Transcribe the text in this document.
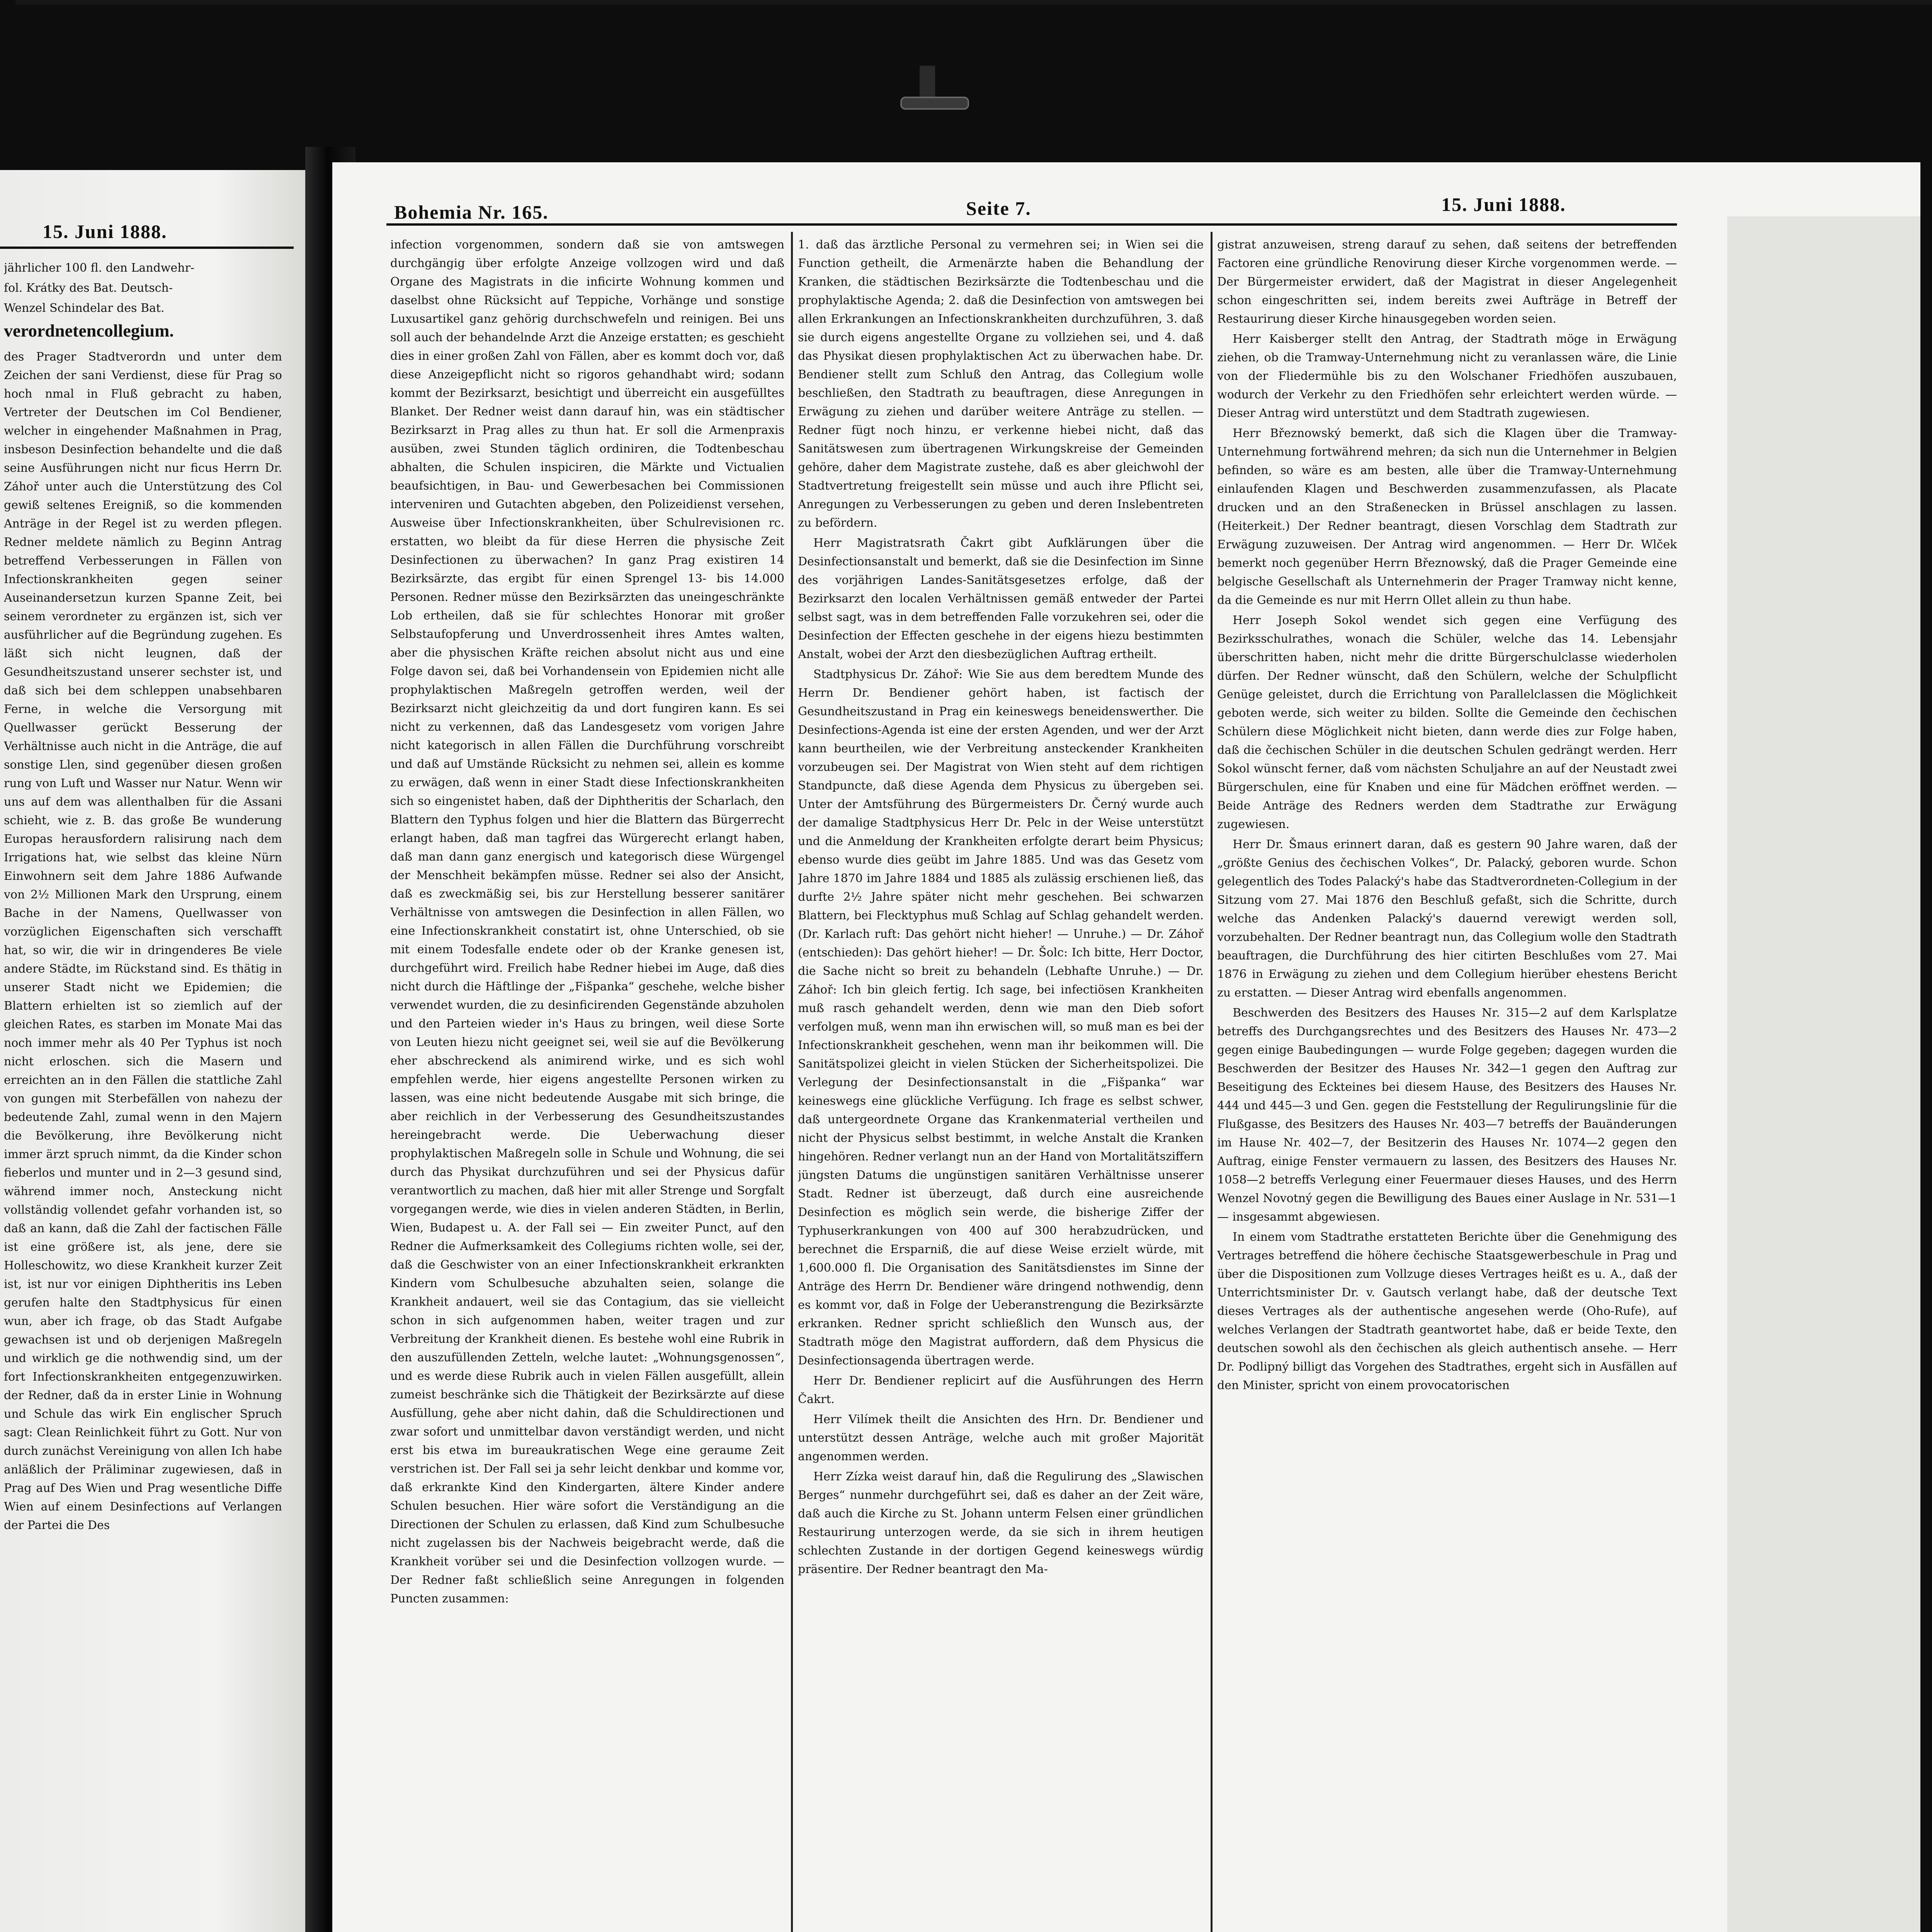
15. Juni 1888.

jährlicher 100 fl. den Landwehr-

fol. Krátky des Bat. Deutsch-

Wenzel Schindelar des Bat.

verordnetencollegium.

des Prager Stadtverordn und unter dem Zeichen der sani Verdienst, diese für Prag so hoch nmal in Fluß gebracht zu haben, Vertreter der Deutschen im Col Bendiener, welcher in eingehender Maßnahmen in Prag, insbeson Desinfection behandelte und die daß seine Ausführungen nicht nur ficus Herrn Dr. Záhoř unter auch die Unterstützung des Col gewiß seltenes Ereigniß, so die kommenden Anträge in der Regel ist zu werden pflegen. Redner meldete nämlich zu Beginn Antrag betreffend Verbesserungen in Fällen von Infectionskrankheiten gegen seiner Auseinandersetzun kurzen Spanne Zeit, bei seinem verordneter zu ergänzen ist, sich ver ausführlicher auf die Begründung zugehen. Es läßt sich nicht leugnen, daß der Gesundheitszustand unserer sechster ist, und daß sich bei dem schleppen unabsehbaren Ferne, in welche die Versorgung mit Quellwasser gerückt Besserung der Verhältnisse auch nicht in die Anträge, die auf sonstige Llen, sind gegenüber diesen großen rung von Luft und Wasser nur Natur. Wenn wir uns auf dem was allenthalben für die Assani schieht, wie z. B. das große Be wunderung Europas herausfordern ralisirung nach dem Irrigations hat, wie selbst das kleine Nürn Einwohnern seit dem Jahre 1886 Aufwande von 2½ Millionen Mark den Ursprung, einem Bache in der Namens, Quellwasser von vorzüglichen Eigenschaften sich verschafft hat, so wir, die wir in dringenderes Be viele andere Städte, im Rückstand sind. Es thätig in unserer Stadt nicht we Epidemien; die Blattern erhielten ist so ziemlich auf der gleichen Rates, es starben im Monate Mai das noch immer mehr als 40 Per Typhus ist noch nicht erloschen. sich die Masern und erreichten an in den Fällen die stattliche Zahl von gungen mit Sterbefällen von nahezu der bedeutende Zahl, zumal wenn in den Majern die Bevölkerung, ihre Bevölkerung nicht immer ärzt spruch nimmt, da die Kinder schon fieberlos und munter und in 2—3 gesund sind, während immer noch, Ansteckung nicht vollständig vollendet gefahr vorhanden ist, so daß an kann, daß die Zahl der factischen Fälle ist eine größere ist, als jene, dere sie Holleschowitz, wo diese Krankheit kurzer Zeit ist, ist nur vor einigen Diphtheritis ins Leben gerufen halte den Stadtphysicus für einen wun, aber ich frage, ob das Stadt Aufgabe gewachsen ist und ob derjenigen Maßregeln und wirklich ge die nothwendig sind, um der fort Infectionskrankheiten entgegenzuwirken. der Redner, daß da in erster Linie in Wohnung und Schule das wirk Ein englischer Spruch sagt: Clean Reinlichkeit führt zu Gott. Nur von durch zunächst Vereinigung von allen Ich habe anläßlich der Präliminar zugewiesen, daß in Prag auf Des Wien und Prag wesentliche Diffe Wien auf einem Desinfections auf Verlangen der Partei die Des

Bohemia Nr. 165.	Seite 7.	15. Juni 1888.

infection vorgenommen, sondern daß sie von amtswegen durchgängig über erfolgte Anzeige vollzogen wird und daß Organe des Magistrats in die inficirte Wohnung kommen und daselbst ohne Rücksicht auf Teppiche, Vorhänge und sonstige Luxusartikel ganz gehörig durchschwefeln und reinigen. Bei uns soll auch der behandelnde Arzt die Anzeige erstatten; es geschieht dies in einer großen Zahl von Fällen, aber es kommt doch vor, daß diese Anzeigepflicht nicht so rigoros gehandhabt wird; sodann kommt der Bezirksarzt, besichtigt und überreicht ein ausgefülltes Blanket. Der Redner weist dann darauf hin, was ein städtischer Bezirksarzt in Prag alles zu thun hat. Er soll die Armenpraxis ausüben, zwei Stunden täglich ordiniren, die Todtenbeschau abhalten, die Schulen inspiciren, die Märkte und Victualien beaufsichtigen, in Bau- und Gewerbesachen bei Commissionen interveniren und Gutachten abgeben, den Polizeidienst versehen, Ausweise über Infectionskrankheiten, über Schulrevisionen rc. erstatten, wo bleibt da für diese Herren die physische Zeit Desinfectionen zu überwachen? In ganz Prag existiren 14 Bezirksärzte, das ergibt für einen Sprengel 13- bis 14.000 Personen. Redner müsse den Bezirksärzten das uneingeschränkte Lob ertheilen, daß sie für schlechtes Honorar mit großer Selbstaufopferung und Unverdrossenheit ihres Amtes walten, aber die physischen Kräfte reichen absolut nicht aus und eine Folge davon sei, daß bei Vorhandensein von Epidemien nicht alle prophylaktischen Maßregeln getroffen werden, weil der Bezirksarzt nicht gleichzeitig da und dort fungiren kann. Es sei nicht zu verkennen, daß das Landesgesetz vom vorigen Jahre nicht kategorisch in allen Fällen die Durchführung vorschreibt und daß auf Umstände Rücksicht zu nehmen sei, allein es komme zu erwägen, daß wenn in einer Stadt diese Infectionskrankheiten sich so eingenistet haben, daß der Diphtheritis der Scharlach, den Blattern den Typhus folgen und hier die Blattern das Bürgerrecht erlangt haben, daß man tagfrei das Würgerecht erlangt haben, daß man dann ganz energisch und kategorisch diese Würgengel der Menschheit bekämpfen müsse. Redner sei also der Ansicht, daß es zweckmäßig sei, bis zur Herstellung besserer sanitärer Verhältnisse von amtswegen die Desinfection in allen Fällen, wo eine Infectionskrankheit constatirt ist, ohne Unterschied, ob sie mit einem Todesfalle endete oder ob der Kranke genesen ist, durchgeführt wird. Freilich habe Redner hiebei im Auge, daß dies nicht durch die Häftlinge der „Fišpanka“ geschehe, welche bisher verwendet wurden, die zu desinficirenden Gegenstände abzuholen und den Parteien wieder in's Haus zu bringen, weil diese Sorte von Leuten hiezu nicht geeignet sei, weil sie auf die Bevölkerung eher abschreckend als animirend wirke, und es sich wohl empfehlen werde, hier eigens angestellte Personen wirken zu lassen, was eine nicht bedeutende Ausgabe mit sich bringe, die aber reichlich in der Verbesserung des Gesundheitszustandes hereingebracht werde. Die Ueberwachung dieser prophylaktischen Maßregeln solle in Schule und Wohnung, die sei durch das Physikat durchzuführen und sei der Physicus dafür verantwortlich zu machen, daß hier mit aller Strenge und Sorgfalt vorgegangen werde, wie dies in vielen anderen Städten, in Berlin, Wien, Budapest u. A. der Fall sei — Ein zweiter Punct, auf den Redner die Aufmerksamkeit des Collegiums richten wolle, sei der, daß die Geschwister von an einer Infectionskrankheit erkrankten Kindern vom Schulbesuche abzuhalten seien, solange die Krankheit andauert, weil sie das Contagium, das sie vielleicht schon in sich aufgenommen haben, weiter tragen und zur Verbreitung der Krankheit dienen. Es bestehe wohl eine Rubrik in den auszufüllenden Zetteln, welche lautet: „Wohnungsgenossen“, und es werde diese Rubrik auch in vielen Fällen ausgefüllt, allein zumeist beschränke sich die Thätigkeit der Bezirksärzte auf diese Ausfüllung, gehe aber nicht dahin, daß die Schuldirectionen und zwar sofort und unmittelbar davon verständigt werden, und nicht erst bis etwa im bureaukratischen Wege eine geraume Zeit verstrichen ist. Der Fall sei ja sehr leicht denkbar und komme vor, daß erkrankte Kind den Kindergarten, ältere Kinder andere Schulen besuchen. Hier wäre sofort die Verständigung an die Directionen der Schulen zu erlassen, daß Kind zum Schulbesuche nicht zugelassen bis der Nachweis beigebracht werde, daß die Krankheit vorüber sei und die Desinfection vollzogen wurde. — Der Redner faßt schließlich seine Anregungen in folgenden Puncten zusammen:

1. daß das ärztliche Personal zu vermehren sei; in Wien sei die Function getheilt, die Armenärzte haben die Behandlung der Kranken, die städtischen Bezirksärzte die Todtenbeschau und die prophylaktische Agenda; 2. daß die Desinfection von amtswegen bei allen Erkrankungen an Infectionskrankheiten durchzuführen, 3. daß sie durch eigens angestellte Organe zu vollziehen sei, und 4. daß das Physikat diesen prophylaktischen Act zu überwachen habe. Dr. Bendiener stellt zum Schluß den Antrag, das Collegium wolle beschließen, den Stadtrath zu beauftragen, diese Anregungen in Erwägung zu ziehen und darüber weitere Anträge zu stellen. — Redner fügt noch hinzu, er verkenne hiebei nicht, daß das Sanitätswesen zum übertragenen Wirkungskreise der Gemeinden gehöre, daher dem Magistrate zustehe, daß es aber gleichwohl der Stadtvertretung freigestellt sein müsse und auch ihre Pflicht sei, Anregungen zu Verbesserungen zu geben und deren Inslebentreten zu befördern.

Herr Magistratsrath Čakrt gibt Aufklärungen über die Desinfectionsanstalt und bemerkt, daß sie die Desinfection im Sinne des vorjährigen Landes-Sanitätsgesetzes erfolge, daß der Bezirksarzt den localen Verhältnissen gemäß entweder der Partei selbst sagt, was in dem betreffenden Falle vorzukehren sei, oder die Desinfection der Effecten geschehe in der eigens hiezu bestimmten Anstalt, wobei der Arzt den diesbezüglichen Auftrag ertheilt.

Stadtphysicus Dr. Záhoř: Wie Sie aus dem beredtem Munde des Herrn Dr. Bendiener gehört haben, ist factisch der Gesundheitszustand in Prag ein keineswegs beneidenswerther. Die Desinfections-Agenda ist eine der ersten Agenden, und wer der Arzt kann beurtheilen, wie der Verbreitung ansteckender Krankheiten vorzubeugen sei. Der Magistrat von Wien steht auf dem richtigen Standpuncte, daß diese Agenda dem Physicus zu übergeben sei. Unter der Amtsführung des Bürgermeisters Dr. Černý wurde auch der damalige Stadtphysicus Herr Dr. Pelc in der Weise unterstützt und die Anmeldung der Krankheiten erfolgte derart beim Physicus; ebenso wurde dies geübt im Jahre 1885. Und was das Gesetz vom Jahre 1870 im Jahre 1884 und 1885 als zulässig erschienen ließ, das durfte 2½ Jahre später nicht mehr geschehen. Bei schwarzen Blattern, bei Flecktyphus muß Schlag auf Schlag gehandelt werden. (Dr. Karlach ruft: Das gehört nicht hieher! — Unruhe.) — Dr. Záhoř (entschieden): Das gehört hieher! — Dr. Šolc: Ich bitte, Herr Doctor, die Sache nicht so breit zu behandeln (Lebhafte Unruhe.) — Dr. Záhoř: Ich bin gleich fertig. Ich sage, bei infectiösen Krankheiten muß rasch gehandelt werden, denn wie man den Dieb sofort verfolgen muß, wenn man ihn erwischen will, so muß man es bei der Infectionskrankheit geschehen, wenn man ihr beikommen will. Die Sanitätspolizei gleicht in vielen Stücken der Sicherheitspolizei. Die Verlegung der Desinfectionsanstalt in die „Fišpanka“ war keineswegs eine glückliche Verfügung. Ich frage es selbst schwer, daß untergeordnete Organe das Krankenmaterial vertheilen und nicht der Physicus selbst bestimmt, in welche Anstalt die Kranken hingehören. Redner verlangt nun an der Hand von Mortalitätsziffern jüngsten Datums die ungünstigen sanitären Verhältnisse unserer Stadt. Redner ist überzeugt, daß durch eine ausreichende Desinfection es möglich sein werde, die bisherige Ziffer der Typhuserkrankungen von 400 auf 300 herabzudrücken, und berechnet die Ersparniß, die auf diese Weise erzielt würde, mit 1,600.000 fl. Die Organisation des Sanitätsdienstes im Sinne der Anträge des Herrn Dr. Bendiener wäre dringend nothwendig, denn es kommt vor, daß in Folge der Ueberanstrengung die Bezirksärzte erkranken. Redner spricht schließlich den Wunsch aus, der Stadtrath möge den Magistrat auffordern, daß dem Physicus die Desinfectionsagenda übertragen werde.

Herr Dr. Bendiener replicirt auf die Ausführungen des Herrn Čakrt.

Herr Vilímek theilt die Ansichten des Hrn. Dr. Bendiener und unterstützt dessen Anträge, welche auch mit großer Majorität angenommen werden.

Herr Zízka weist darauf hin, daß die Regulirung des „Slawischen Berges“ nunmehr durchgeführt sei, daß es daher an der Zeit wäre, daß auch die Kirche zu St. Johann unterm Felsen einer gründlichen Restaurirung unterzogen werde, da sie sich in ihrem heutigen schlechten Zustande in der dortigen Gegend keineswegs würdig präsentire. Der Redner beantragt den Ma-

gistrat anzuweisen, streng darauf zu sehen, daß seitens der betreffenden Factoren eine gründliche Renovirung dieser Kirche vorgenommen werde. — Der Bürgermeister erwidert, daß der Magistrat in dieser Angelegenheit schon eingeschritten sei, indem bereits zwei Aufträge in Betreff der Restaurirung dieser Kirche hinausgegeben worden seien.

Herr Kaisberger stellt den Antrag, der Stadtrath möge in Erwägung ziehen, ob die Tramway-Unternehmung nicht zu veranlassen wäre, die Linie von der Fliedermühle bis zu den Wolschaner Friedhöfen auszubauen, wodurch der Verkehr zu den Friedhöfen sehr erleichtert werden würde. — Dieser Antrag wird unterstützt und dem Stadtrath zugewiesen.

Herr Březnowský bemerkt, daß sich die Klagen über die Tramway-Unternehmung fortwährend mehren; da sich nun die Unternehmer in Belgien befinden, so wäre es am besten, alle über die Tramway-Unternehmung einlaufenden Klagen und Beschwerden zusammenzufassen, als Placate drucken und an den Straßenecken in Brüssel anschlagen zu lassen. (Heiterkeit.) Der Redner beantragt, diesen Vorschlag dem Stadtrath zur Erwägung zuzuweisen. Der Antrag wird angenommen. — Herr Dr. Wlček bemerkt noch gegenüber Herrn Březnowský, daß die Prager Gemeinde eine belgische Gesellschaft als Unternehmerin der Prager Tramway nicht kenne, da die Gemeinde es nur mit Herrn Ollet allein zu thun habe.

Herr Joseph Sokol wendet sich gegen eine Verfügung des Bezirksschulrathes, wonach die Schüler, welche das 14. Lebensjahr überschritten haben, nicht mehr die dritte Bürgerschulclasse wiederholen dürfen. Der Redner wünscht, daß den Schülern, welche der Schulpflicht Genüge geleistet, durch die Errichtung von Parallelclassen die Möglichkeit geboten werde, sich weiter zu bilden. Sollte die Gemeinde den čechischen Schülern diese Möglichkeit nicht bieten, dann werde dies zur Folge haben, daß die čechischen Schüler in die deutschen Schulen gedrängt werden. Herr Sokol wünscht ferner, daß vom nächsten Schuljahre an auf der Neustadt zwei Bürgerschulen, eine für Knaben und eine für Mädchen eröffnet werden. — Beide Anträge des Redners werden dem Stadtrathe zur Erwägung zugewiesen.

Herr Dr. Šmaus erinnert daran, daß es gestern 90 Jahre waren, daß der „größte Genius des čechischen Volkes“, Dr. Palacký, geboren wurde. Schon gelegentlich des Todes Palacký's habe das Stadtverordneten-Collegium in der Sitzung vom 27. Mai 1876 den Beschluß gefaßt, sich die Schritte, durch welche das Andenken Palacký's dauernd verewigt werden soll, vorzubehalten. Der Redner beantragt nun, das Collegium wolle den Stadtrath beauftragen, die Durchführung des hier citirten Beschlußes vom 27. Mai 1876 in Erwägung zu ziehen und dem Collegium hierüber ehestens Bericht zu erstatten. — Dieser Antrag wird ebenfalls angenommen.

Beschwerden des Besitzers des Hauses Nr. 315—2 auf dem Karlsplatze betreffs des Durchgangsrechtes und des Besitzers des Hauses Nr. 473—2 gegen einige Baubedingungen — wurde Folge gegeben; dagegen wurden die Beschwerden der Besitzer des Hauses Nr. 342—1 gegen den Auftrag zur Beseitigung des Eckteines bei diesem Hause, des Besitzers des Hauses Nr. 444 und 445—3 und Gen. gegen die Feststellung der Regulirungslinie für die Flußgasse, des Besitzers des Hauses Nr. 403—7 betreffs der Bauänderungen im Hause Nr. 402—7, der Besitzerin des Hauses Nr. 1074—2 gegen den Auftrag, einige Fenster vermauern zu lassen, des Besitzers des Hauses Nr. 1058—2 betreffs Verlegung einer Feuermauer dieses Hauses, und des Herrn Wenzel Novotný gegen die Bewilligung des Baues einer Auslage in Nr. 531—1 — insgesammt abgewiesen.

In einem vom Stadtrathe erstatteten Berichte über die Genehmigung des Vertrages betreffend die höhere čechische Staatsgewerbeschule in Prag und über die Dispositionen zum Vollzuge dieses Vertrages heißt es u. A., daß der Unterrichtsminister Dr. v. Gautsch verlangt habe, daß der deutsche Text dieses Vertrages als der authentische angesehen werde (Oho-Rufe), auf welches Verlangen der Stadtrath geantwortet habe, daß er beide Texte, den deutschen sowohl als den čechischen als gleich authentisch ansehe. — Herr Dr. Podlipný billigt das Vorgehen des Stadtrathes, ergeht sich in Ausfällen auf den Minister, spricht von einem provocatorischen
